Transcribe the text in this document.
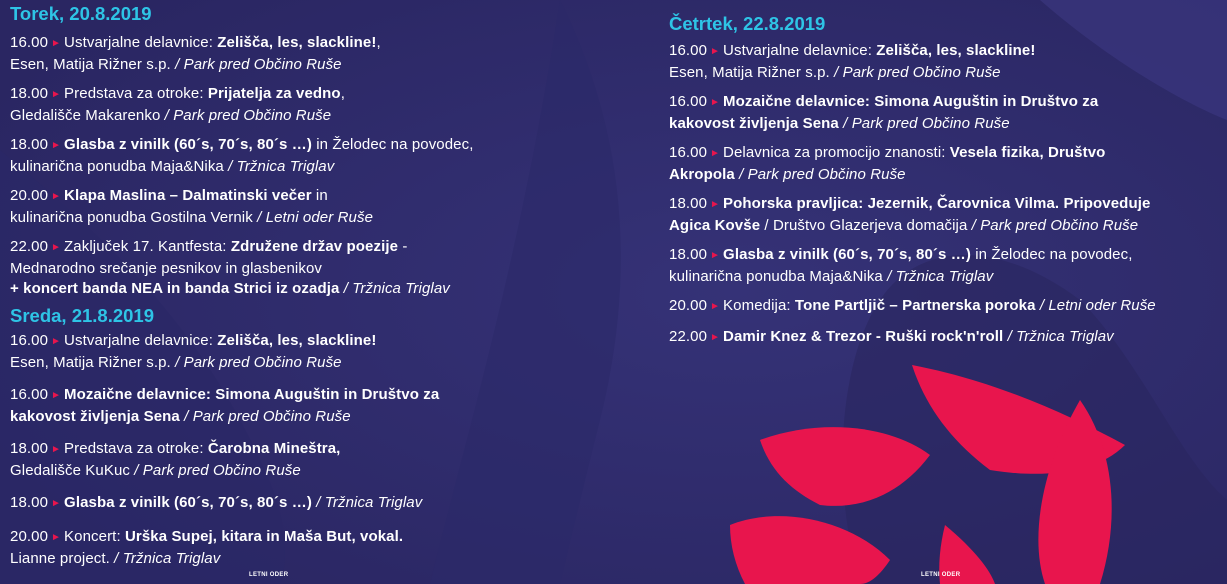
Torek, 20.8.2019

16.00 ► Ustvarjalne delavnice: Zelišča, les, slackline!,
Esen, Matija Rižner s.p. / Park pred Občino Ruše

18.00 ► Predstava za otroke: Prijatelja za vedno,
Gledališče Makarenko / Park pred Občino Ruše

18.00 ► Glasba z vinilk (60´s, 70´s, 80´s …) in Želodec na povodec,
kulinarična ponudba Maja&Nika / Tržnica Triglav

20.00 ► Klapa Maslina – Dalmatinski večer in
kulinarična ponudba Gostilna Vernik / Letni oder Ruše

22.00 ► Zaključek 17. Kantfesta: Združene držav poezije -
Mednarodno srečanje pesnikov in glasbenikov
+ koncert banda NEA in banda Strici iz ozadja / Tržnica Triglav

Sreda, 21.8.2019

16.00 ► Ustvarjalne delavnice: Zelišča, les, slackline!
Esen, Matija Rižner s.p. / Park pred Občino Ruše

16.00 ► Mozaične delavnice: Simona Auguštin in Društvo za
kakovost življenja Sena / Park pred Občino Ruše

18.00 ► Predstava za otroke: Čarobna Mineštra,
Gledališče KuKuc / Park pred Občino Ruše

18.00 ► Glasba z vinilk (60´s, 70´s, 80´s …) / Tržnica Triglav

20.00 ► Koncert: Urška Supej, kitara in Maša But, vokal.
Lianne project. / Tržnica Triglav

Četrtek, 22.8.2019

16.00 ► Ustvarjalne delavnice: Zelišča, les, slackline!
Esen, Matija Rižner s.p. / Park pred Občino Ruše

16.00 ► Mozaične delavnice: Simona Auguštin in Društvo za
kakovost življenja Sena / Park pred Občino Ruše

16.00 ► Delavnica za promocijo znanosti: Vesela fizika, Društvo
Akropola / Park pred Občino Ruše

18.00 ► Pohorska pravljica: Jezernik, Čarovnica Vilma. Pripoveduje
Agica Kovše / Društvo Glazerjeva domačija / Park pred Občino Ruše

18.00 ► Glasba z vinilk (60´s, 70´s, 80´s …) in Želodec na povodec,
kulinarična ponudba Maja&Nika / Tržnica Triglav

20.00 ► Komedija: Tone Partljič – Partnerska poroka / Letni oder Ruše

22.00 ► Damir Knez & Trezor - Ruški rock'n'roll / Tržnica Triglav

LETNI ODER	LETNI ODER
